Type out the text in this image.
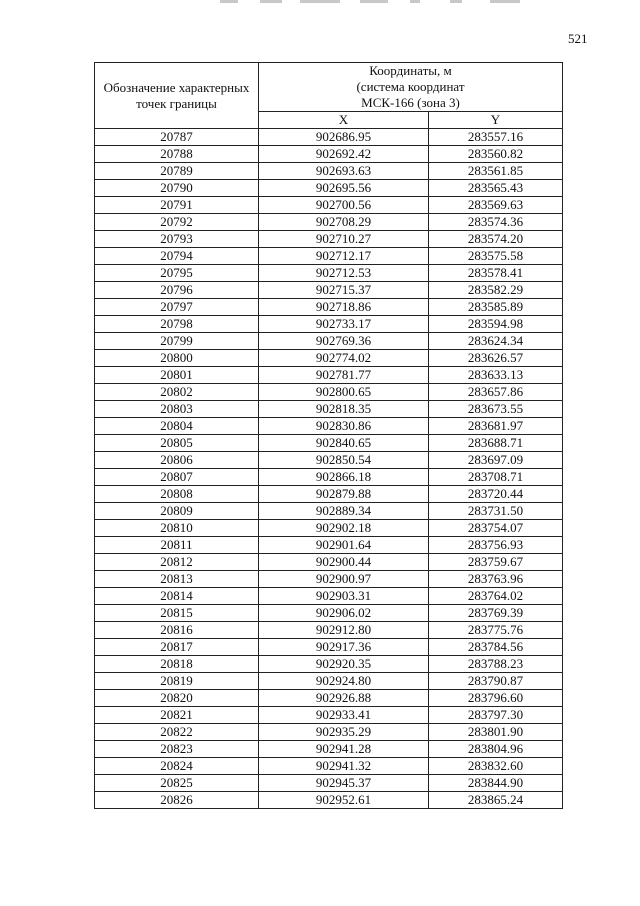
521
Обозначение характерных точек границы	Координаты, м
(система координат
МСК-166 (зона 3)	

	X	Y
20787	902686.95	283557.16
20788	902692.42	283560.82
20789	902693.63	283561.85
20790	902695.56	283565.43
20791	902700.56	283569.63
20792	902708.29	283574.36
20793	902710.27	283574.20
20794	902712.17	283575.58
20795	902712.53	283578.41
20796	902715.37	283582.29
20797	902718.86	283585.89
20798	902733.17	283594.98
20799	902769.36	283624.34
20800	902774.02	283626.57
20801	902781.77	283633.13
20802	902800.65	283657.86
20803	902818.35	283673.55
20804	902830.86	283681.97
20805	902840.65	283688.71
20806	902850.54	283697.09
20807	902866.18	283708.71
20808	902879.88	283720.44
20809	902889.34	283731.50
20810	902902.18	283754.07
20811	902901.64	283756.93
20812	902900.44	283759.67
20813	902900.97	283763.96
20814	902903.31	283764.02
20815	902906.02	283769.39
20816	902912.80	283775.76
20817	902917.36	283784.56
20818	902920.35	283788.23
20819	902924.80	283790.87
20820	902926.88	283796.60
20821	902933.41	283797.30
20822	902935.29	283801.90
20823	902941.28	283804.96
20824	902941.32	283832.60
20825	902945.37	283844.90
20826	902952.61	283865.24
